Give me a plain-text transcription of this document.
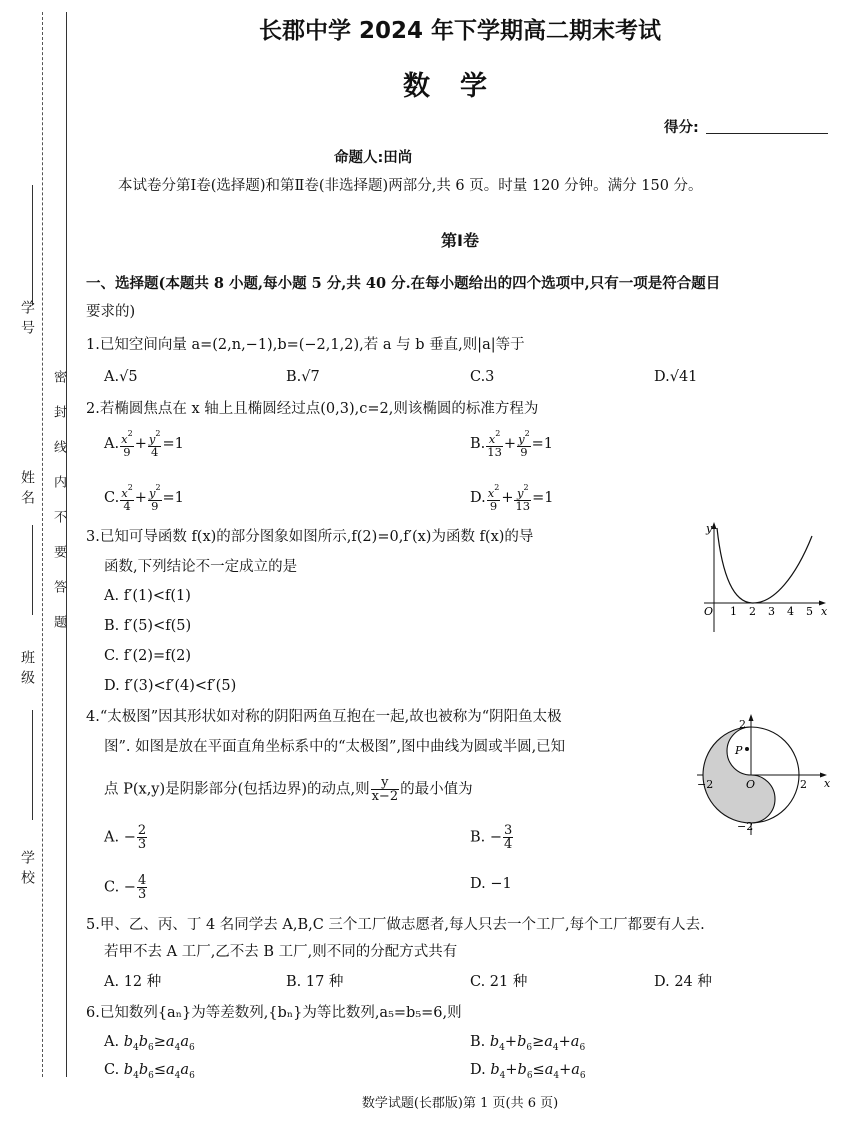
学号
姓名
班级
学校
密封线内不要答题
长郡中学 2024 年下学期高二期末考试
数学
得分:
命题人:田尚
本试卷分第Ⅰ卷(选择题)和第Ⅱ卷(非选择题)两部分,共 6 页。时量 120 分钟。满分 150 分。
第Ⅰ卷
一、选择题(本题共 8 小题,每小题 5 分,共 40 分.在每小题给出的四个选项中,只有一项是符合题目
要求的)
1.已知空间向量 a=(2,n,−1),b=(−2,1,2),若 a 与 b 垂直,则|a|等于
A.√5	B.√7	C.3	D.√41
2.若椭圆焦点在 x 轴上且椭圆经过点(0,3),c=2,则该椭圆的标准方程为
A. $\frac{x^2}{9} + \frac{y^2}{4} =1$	B. $\frac{x^2}{13} + \frac{y^2}{9} =1$
C. $\frac{x^2}{4} + \frac{y^2}{9} =1$	D. $\frac{x^2}{9} + \frac{y^2}{13} =1$
3.已知可导函数 f(x)的部分图象如图所示,f(2)=0,f′(x)为函数 f(x)的导
函数,下列结论不一定成立的是
A. f′(1)<f(1)
B. f′(5)<f(5)
C. f′(2)=f(2)
D. f′(3)<f′(4)<f′(5)
y
x
O 1 2 3 4 5
4.“太极图”因其形状如对称的阴阳两鱼互抱在一起,故也被称为“阴阳鱼太极
图”. 如图是放在平面直角坐标系中的“太极图”,图中曲线为圆或半圆,已知
点 P(x,y)是阴影部分(包括边界)的动点,则 $\frac{y}{x-2}$ 的最小值为
A. − $\frac{2}{3}$	B. − $\frac{3}{4}$
C. − $\frac{4}{3}$	D. −1
P
x
O
−2	2
2
−2
5.甲、乙、丙、丁 4 名同学去 A,B,C 三个工厂做志愿者,每人只去一个工厂,每个工厂都要有人去.
若甲不去 A 工厂,乙不去 B 工厂,则不同的分配方式共有
A. 12 种	B. 17 种	C. 21 种	D. 24 种
6.已知数列{aₙ}为等差数列,{bₙ}为等比数列,a₅=b₅=6,则
A. $b_4b_6\ge a_4a_6$	B. $b_4+b_6\ge a_4+a_6$
C. $b_4b_6\le a_4a_6$	D. $b_4+b_6\le a_4+a_6$
数学试题(长郡版)第 1 页(共 6 页)
